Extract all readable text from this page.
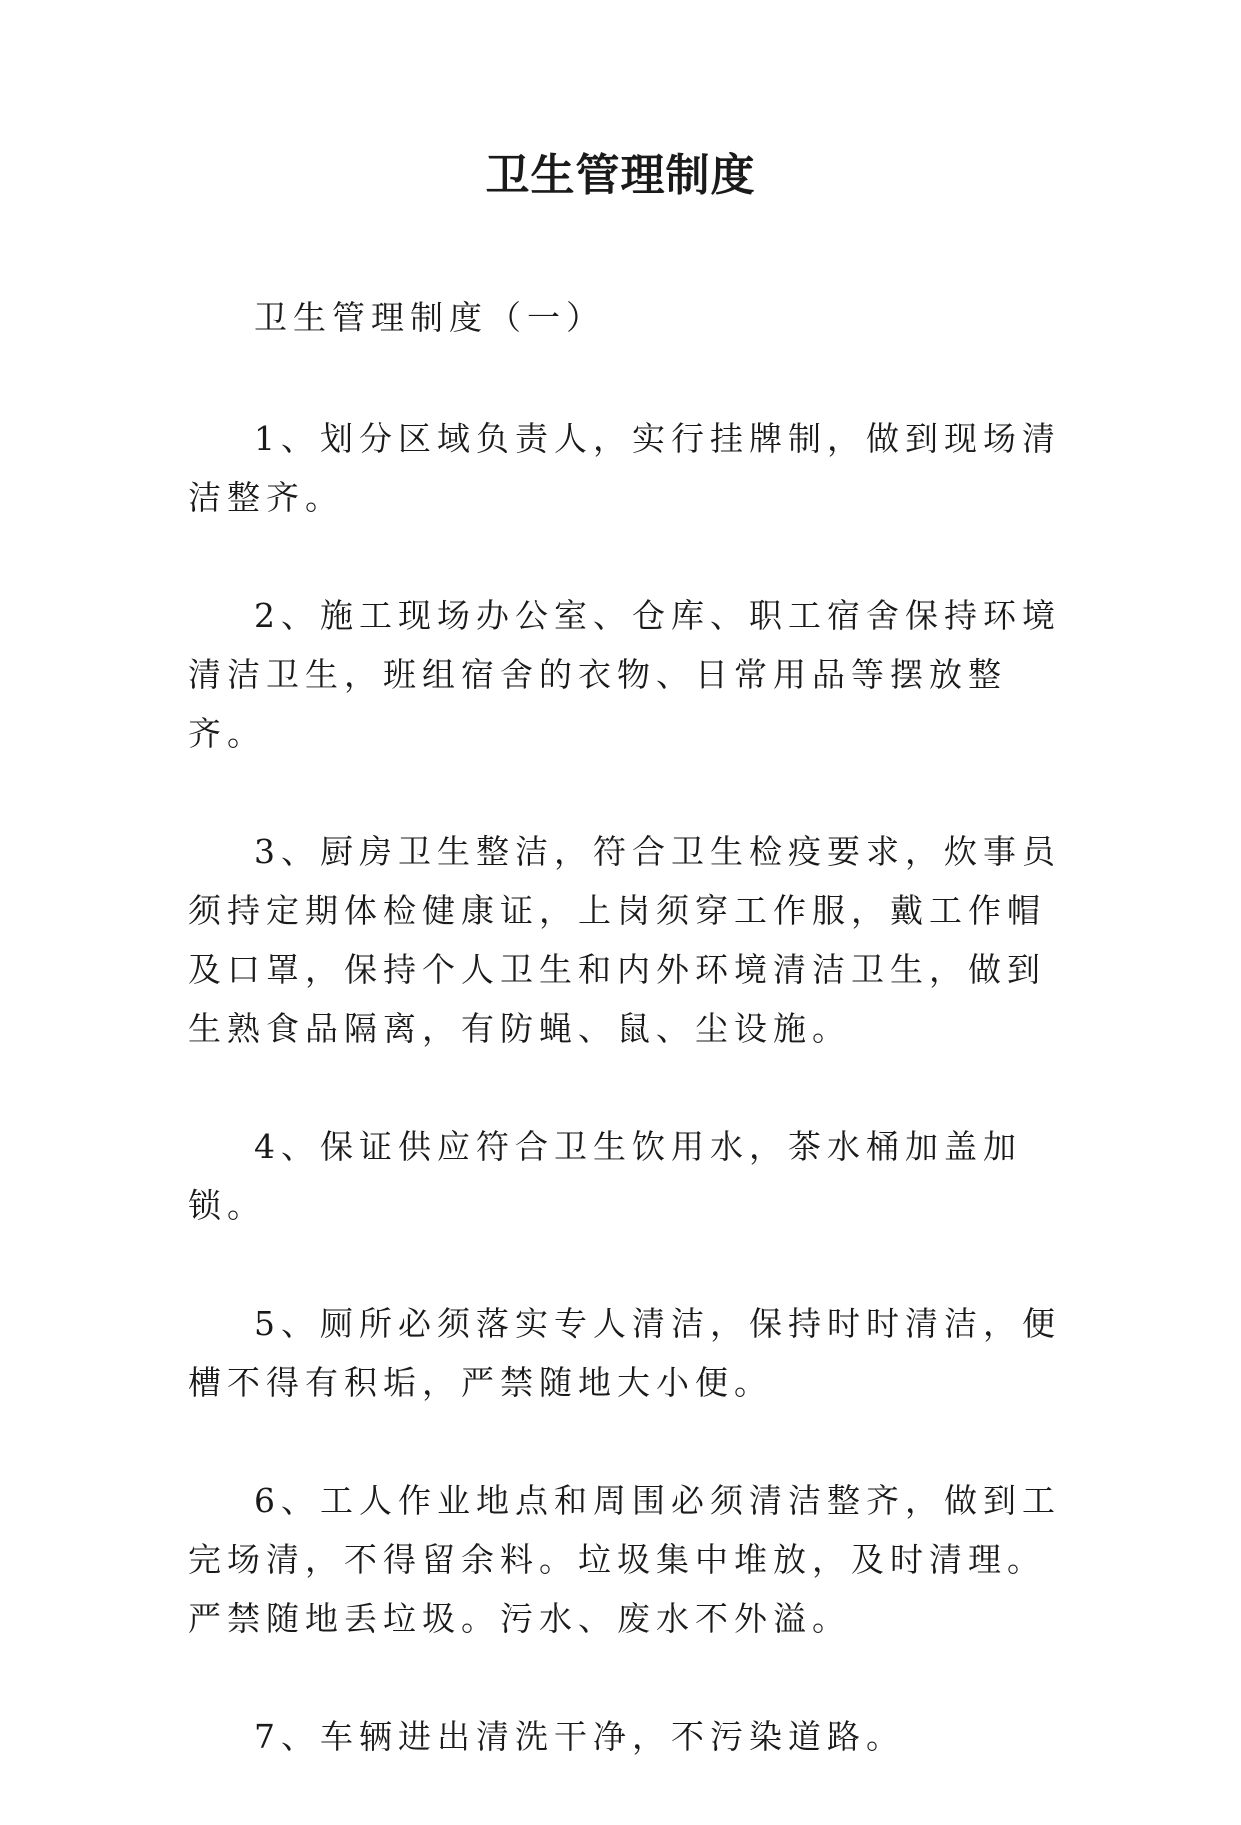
卫生管理制度

卫生管理制度（一）

1、划分区域负责人，实行挂牌制，做到现场清洁整齐。

2、施工现场办公室、仓库、职工宿舍保持环境清洁卫生，班组宿舍的衣物、日常用品等摆放整齐。

3、厨房卫生整洁，符合卫生检疫要求，炊事员须持定期体检健康证，上岗须穿工作服，戴工作帽及口罩，保持个人卫生和内外环境清洁卫生，做到生熟食品隔离，有防蝇、鼠、尘设施。

4、保证供应符合卫生饮用水，茶水桶加盖加锁。

5、厕所必须落实专人清洁，保持时时清洁，便槽不得有积垢，严禁随地大小便。

6、工人作业地点和周围必须清洁整齐，做到工完场清，不得留余料。垃圾集中堆放，及时清理。严禁随地丢垃圾。污水、废水不外溢。

7、车辆进出清洗干净，不污染道路。
